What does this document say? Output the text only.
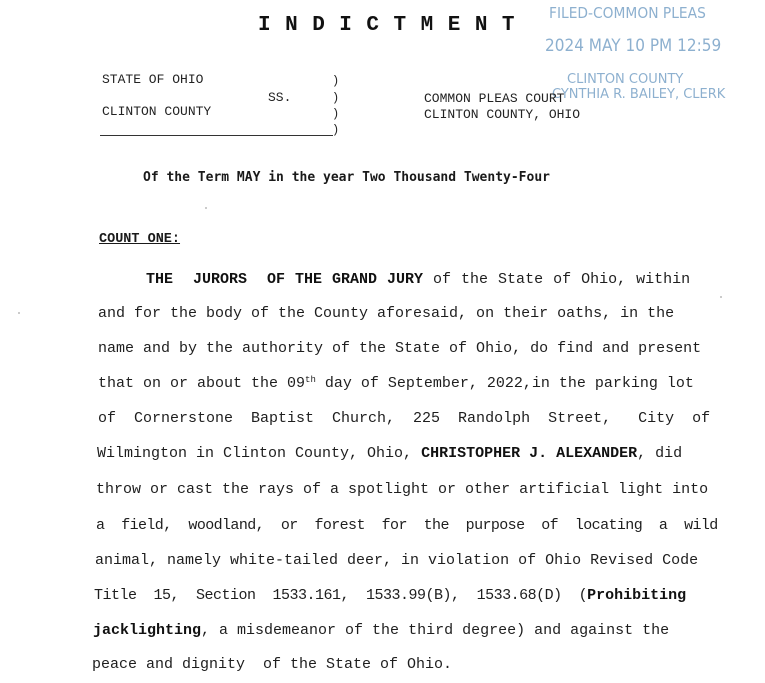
INDICTMENT
FILED-COMMON PLEAS
2024 MAY 10 PM 12:59
CLINTON COUNTY
CYNTHIA R. BAILEY, CLERK
STATE OF OHIO
SS.
CLINTON COUNTY
)
)
)
)
COMMON PLEAS COURT
CLINTON COUNTY, OHIO
Of the Term MAY in the year Two Thousand Twenty-Four
COUNT ONE:
THE  JURORS  OF THE GRAND JURY of the State of Ohio, within
and for the body of the County aforesaid, on their oaths, in the
name and by the authority of the State of Ohio, do find and present
that on or about the 09th day of September, 2022,in the parking lot
of  Cornerstone  Baptist  Church,  225  Randolph  Street,   City  of
Wilmington in Clinton County, Ohio, CHRISTOPHER J. ALEXANDER, did
throw or cast the rays of a spotlight or other artificial light into
a  field,  woodland,  or  forest  for  the  purpose  of  locating  a  wild
animal, namely white-tailed deer, in violation of Ohio Revised Code
Title  15,  Section  1533.161,  1533.99(B),  1533.68(D)  (Prohibiting
jacklighting, a misdemeanor of the third degree) and against the
peace and dignity  of the State of Ohio.
